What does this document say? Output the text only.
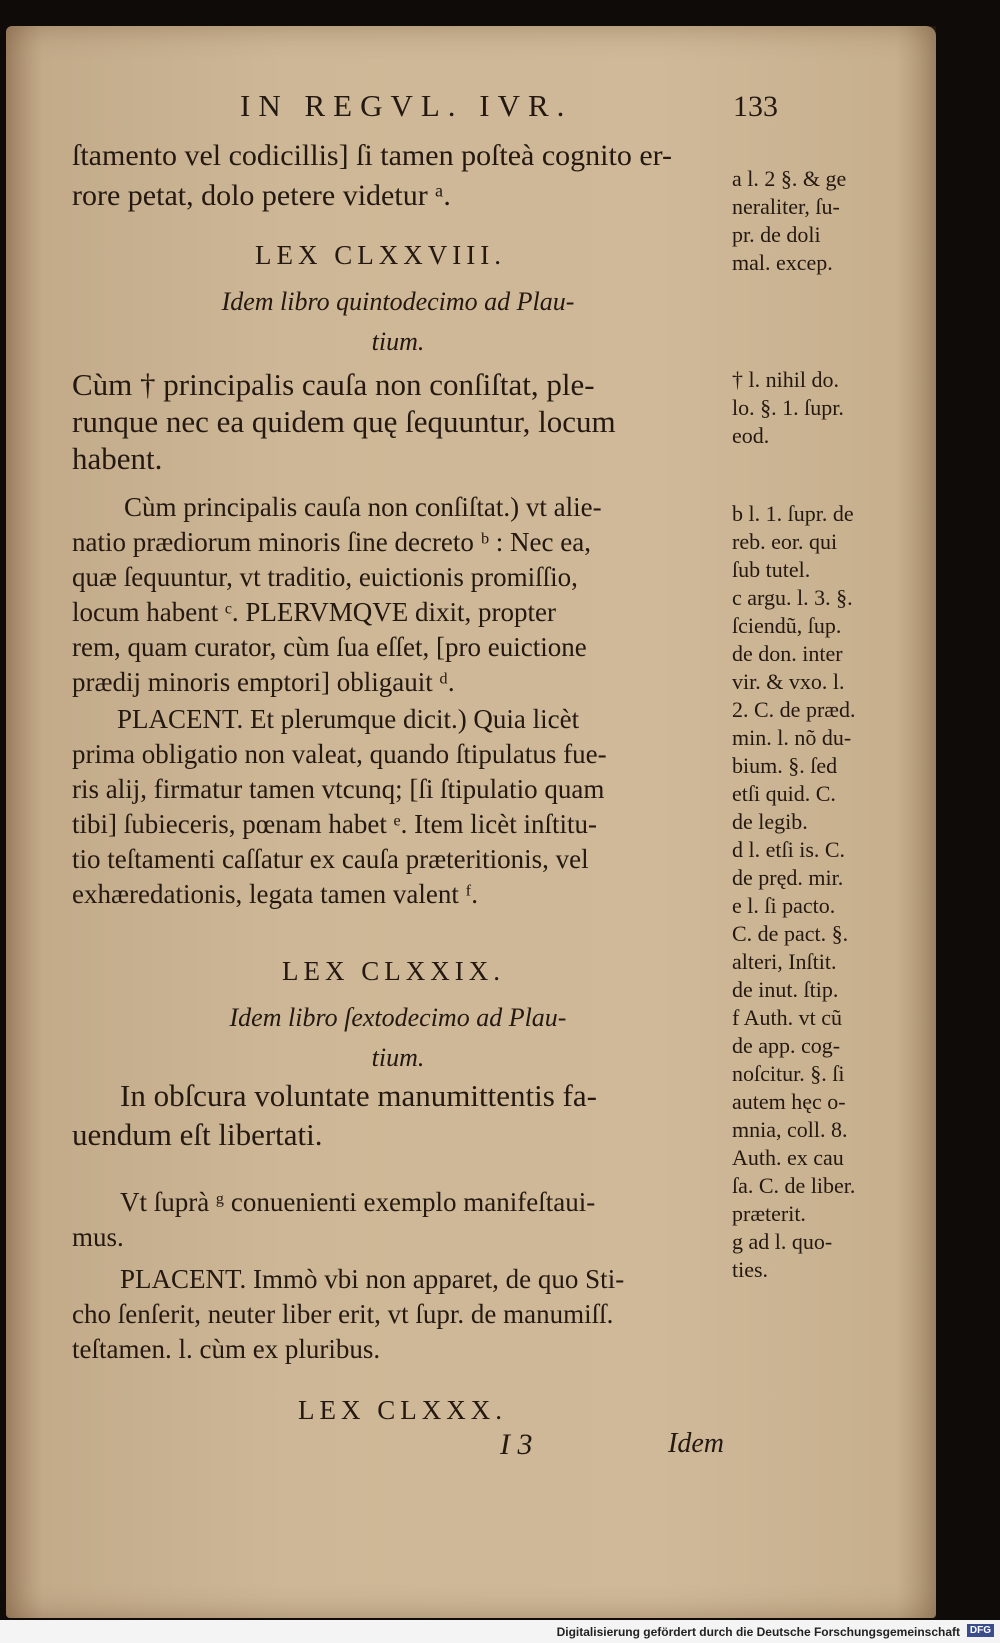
IN REGVL. IVR.	133
ſtamento vel codicillis] ſi tamen poſteà cognito er-
rore petat, dolo petere videtur ᵃ.
LEX CLXXVIII.
Idem libro quintodecimo ad Plau-
tium.
Cùm † principalis cauſa non conſiſtat, ple-
runque nec ea quidem quę ſequuntur, locum
habent.
Cùm principalis cauſa non conſiſtat.) vt alie-
natio prædiorum minoris ſine decreto ᵇ : Nec ea,
quæ ſequuntur, vt traditio, euictionis promiſſio,
locum habent ᶜ. PLERVMQVE dixit, propter
rem, quam curator, cùm ſua eſſet, [pro euictione
prædij minoris emptori] obligauit ᵈ.
PLACENT. Et plerumque dicit.) Quia licèt
prima obligatio non valeat, quando ſtipulatus fue-
ris alij, firmatur tamen vtcunq; [ſi ſtipulatio quam
tibi] ſubieceris, pœnam habet ᵉ. Item licèt inſtitu-
tio teſtamenti caſſatur ex cauſa præteritionis, vel
exhæredationis, legata tamen valent ᶠ.
LEX CLXXIX.
Idem libro ſextodecimo ad Plau-
tium.
In obſcura voluntate manumittentis fa-
uendum eſt libertati.
Vt ſuprà ᵍ conuenienti exemplo manifeſtaui-
mus.
PLACENT. Immò vbi non apparet, de quo Sti-
cho ſenſerit, neuter liber erit, vt ſupr. de manumiſſ.
teſtamen. l. cùm ex pluribus.
LEX CLXXX.
a l. 2 §. & ge
neraliter, ſu-
pr. de doli
mal. excep.
† l. nihil do.
lo. §. 1. ſupr.
eod.
b l. 1. ſupr. de
reb. eor. qui
ſub tutel.
c argu. l. 3. §.
ſciendũ, ſup.
de don. inter
vir. & vxo. l.
2. C. de præd.
min. l. nõ du-
bium. §. ſed
etſi quid. C.
de legib.
d l. etſi is. C.
de pręd. mir.
e l. ſi pacto.
C. de pact. §.
alteri, Inſtit.
de inut. ſtip.
f Auth. vt cũ
de app. cog-
noſcitur. §. ſi
autem hęc o-
mnia, coll. 8.
Auth. ex cau
ſa. C. de liber.
præterit.
g ad l. quo-
ties.
I 3	Idem
Digitalisierung gefördert durch die Deutsche Forschungsgemeinschaft DFG
